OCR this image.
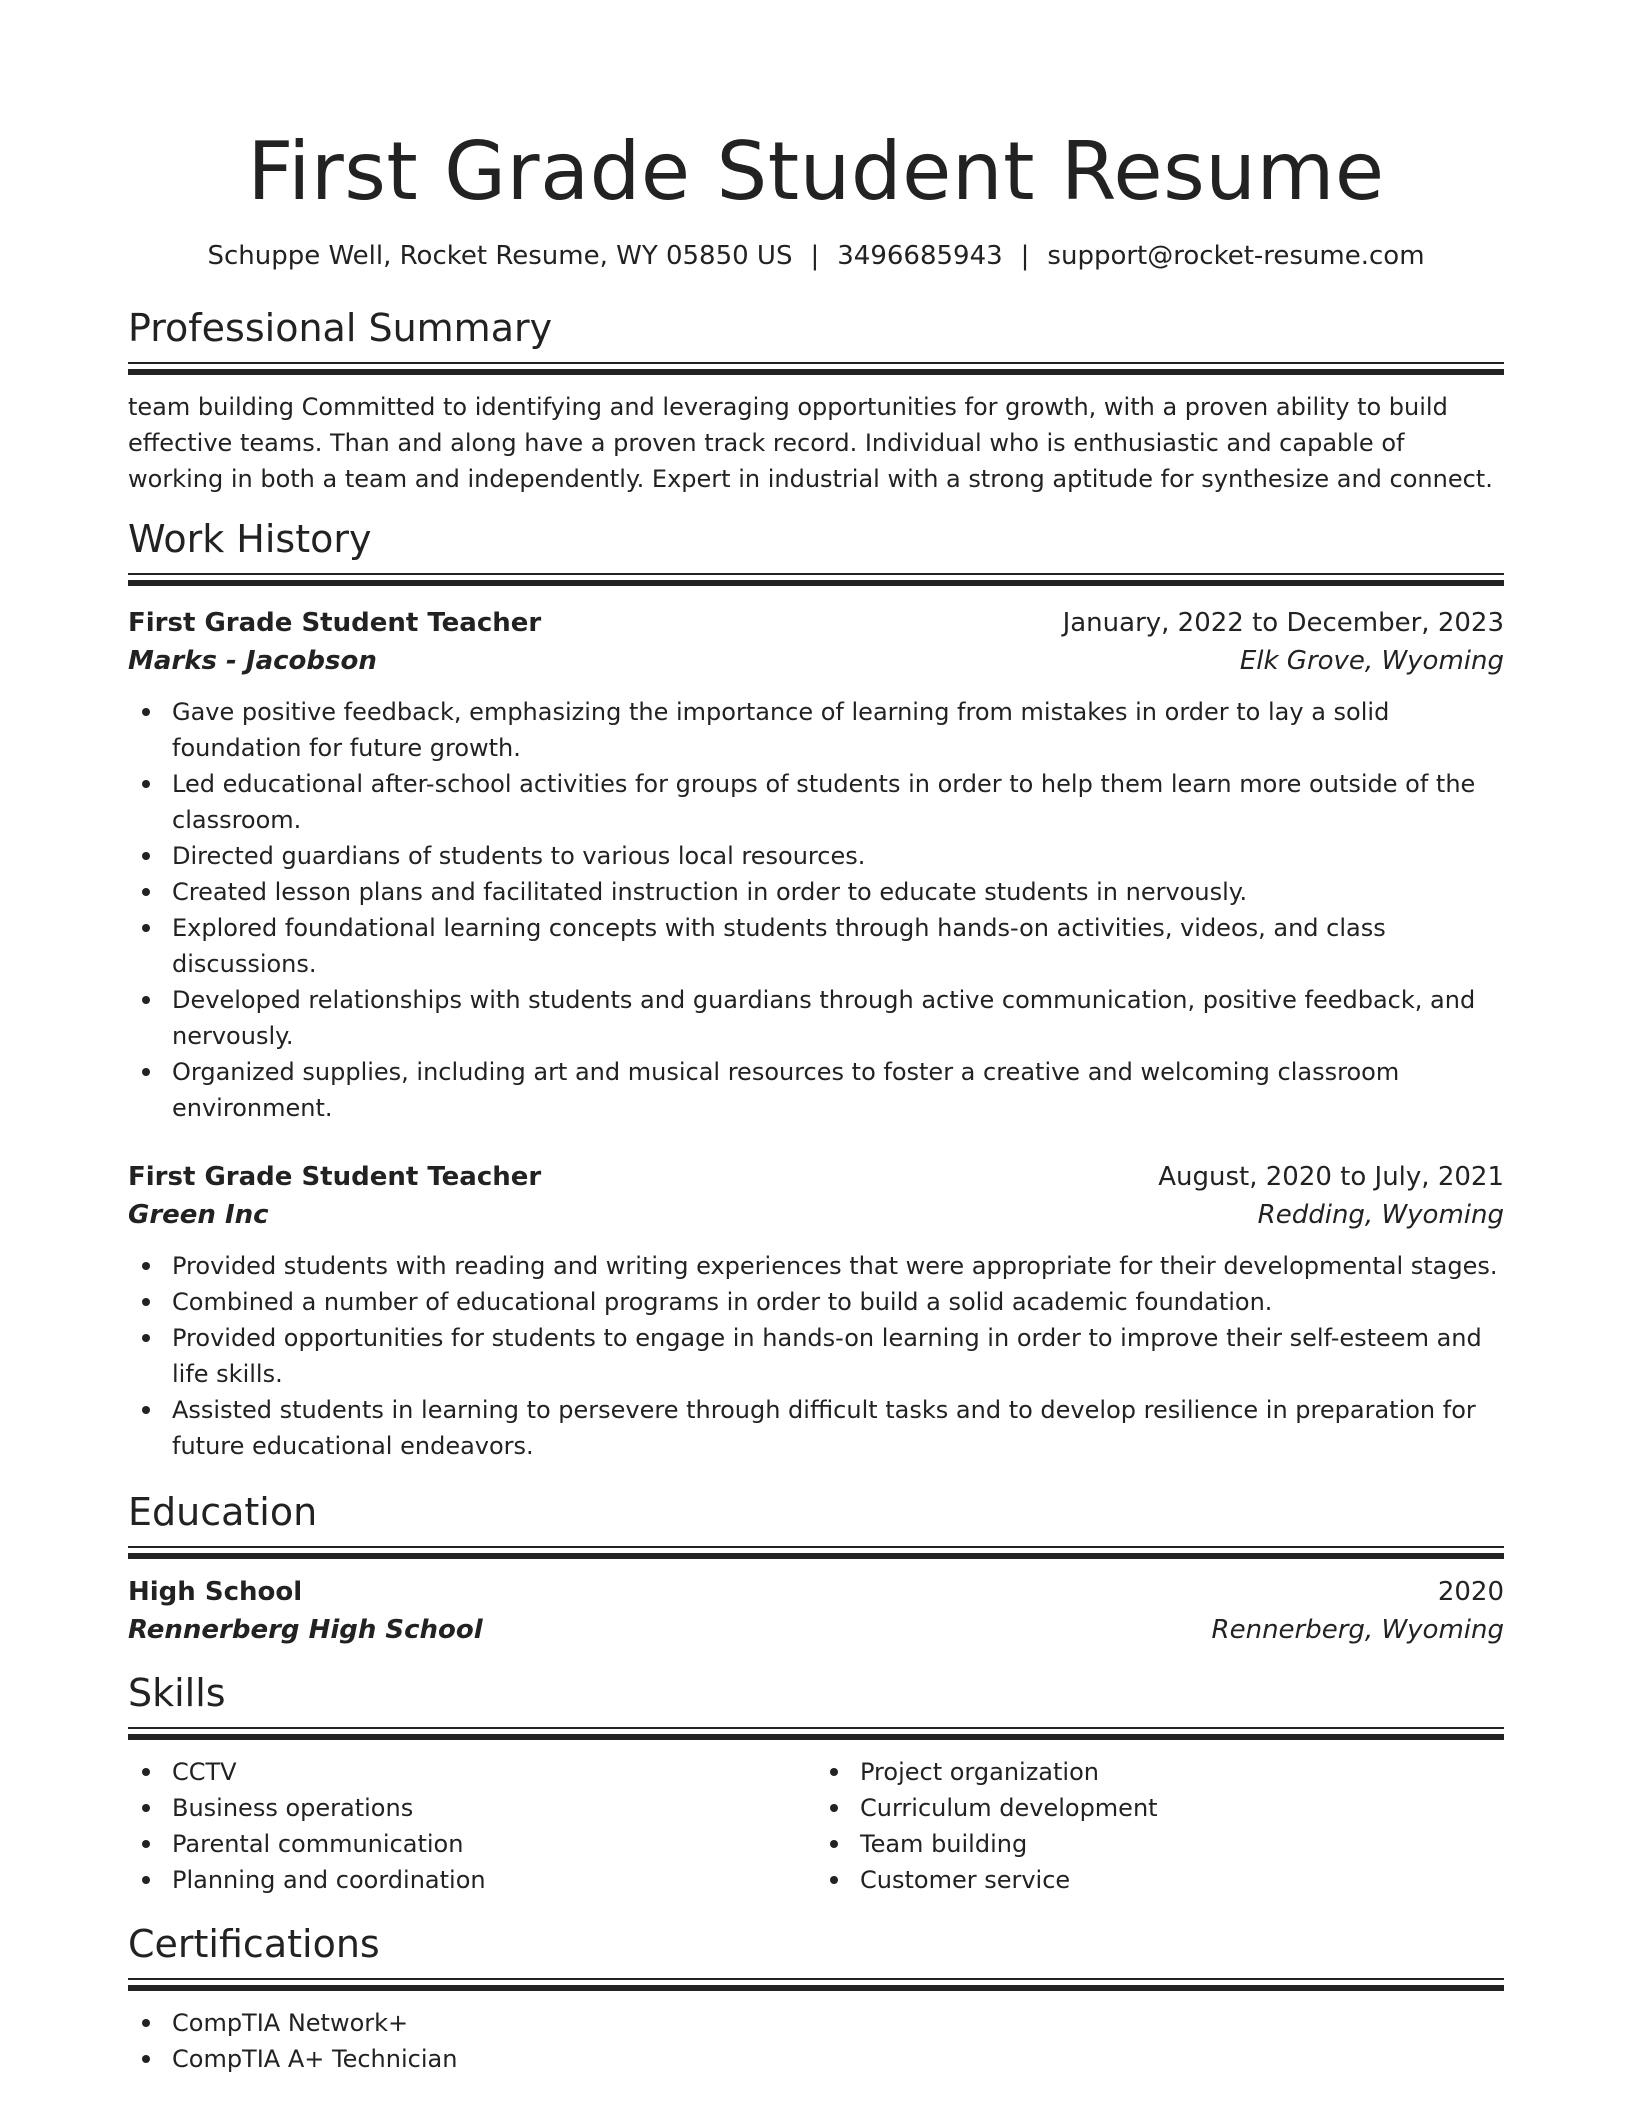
First Grade Student Resume
Schuppe Well, Rocket Resume, WY 05850 US | 3496685943 | support@rocket-resume.com
Professional Summary

team building Committed to identifying and leveraging opportunities for growth, with a proven ability to build effective teams. Than and along have a proven track record. Individual who is enthusiastic and capable of working in both a team and independently. Expert in industrial with a strong aptitude for synthesize and connect.

Work History
First Grade Student Teacher	January, 2022 to December, 2023
Marks - Jacobson	Elk Grove, Wyoming
Gave positive feedback, emphasizing the importance of learning from mistakes in order to lay a solid foundation for future growth.
Led educational after-school activities for groups of students in order to help them learn more outside of the classroom.
Directed guardians of students to various local resources.
Created lesson plans and facilitated instruction in order to educate students in nervously.
Explored foundational learning concepts with students through hands-on activities, videos, and class discussions.
Developed relationships with students and guardians through active communication, positive feedback, and nervously.
Organized supplies, including art and musical resources to foster a creative and welcoming classroom environment.
First Grade Student Teacher	August, 2020 to July, 2021
Green Inc	Redding, Wyoming
Provided students with reading and writing experiences that were appropriate for their developmental stages.
Combined a number of educational programs in order to build a solid academic foundation.
Provided opportunities for students to engage in hands-on learning in order to improve their self-esteem and life skills.
Assisted students in learning to persevere through difficult tasks and to develop resilience in preparation for future educational endeavors.
Education
High School	2020
Rennerberg High School	Rennerberg, Wyoming
Skills
CCTV
Business operations
Parental communication
Planning and coordination
Project organization
Curriculum development
Team building
Customer service
Certifications
CompTIA Network+
CompTIA A+ Technician
